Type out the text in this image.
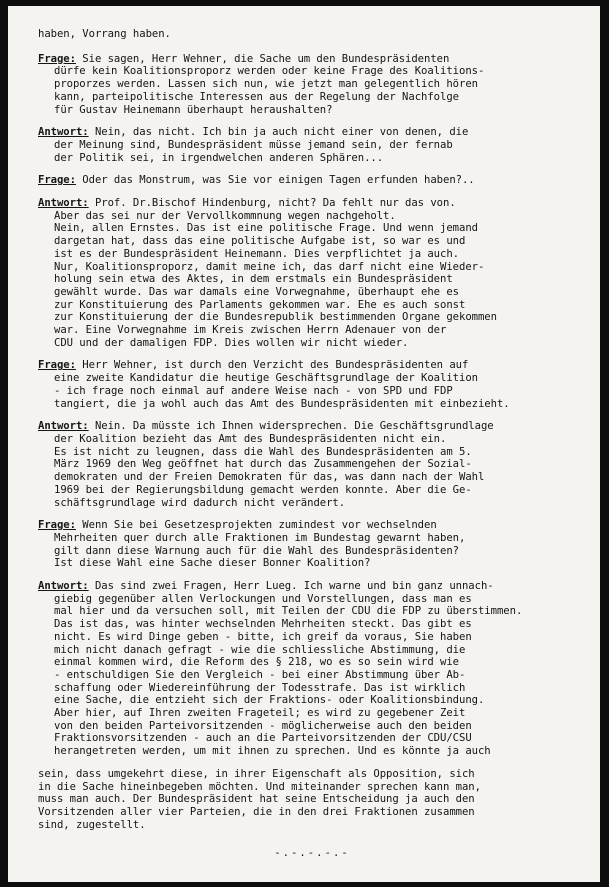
haben, Vorrang haben.
Frage: Sie sagen, Herr Wehner, die Sache um den Bundespräsidenten
dürfe kein Koalitionsproporz werden oder keine Frage des Koalitions-
proporzes werden. Lassen sich nun, wie jetzt man gelegentlich hören
kann, parteipolitische Interessen aus der Regelung der Nachfolge
für Gustav Heinemann überhaupt heraushalten?
Antwort: Nein, das nicht. Ich bin ja auch nicht einer von denen, die
der Meinung sind, Bundespräsident müsse jemand sein, der fernab
der Politik sei, in irgendwelchen anderen Sphären...
Frage: Oder das Monstrum, was Sie vor einigen Tagen erfunden haben?..
Antwort: Prof. Dr.Bischof Hindenburg, nicht? Da fehlt nur das von.
Aber das sei nur der Vervollkommnung wegen nachgeholt.
Nein, allen Ernstes. Das ist eine politische Frage. Und wenn jemand
dargetan hat, dass das eine politische Aufgabe ist, so war es und
ist es der Bundespräsident Heinemann. Dies verpflichtet ja auch.
Nur, Koalitionsproporz, damit meine ich, das darf nicht eine Wieder-
holung sein etwa des Aktes, in dem erstmals ein Bundespräsident
gewählt wurde. Das war damals eine Vorwegnahme, überhaupt ehe es
zur Konstituierung des Parlaments gekommen war. Ehe es auch sonst
zur Konstituierung der die Bundesrepublik bestimmenden Organe gekommen
war. Eine Vorwegnahme im Kreis zwischen Herrn Adenauer von der
CDU und der damaligen FDP. Dies wollen wir nicht wieder.
Frage: Herr Wehner, ist durch den Verzicht des Bundespräsidenten auf
eine zweite Kandidatur die heutige Geschäftsgrundlage der Koalition
- ich frage noch einmal auf andere Weise nach - von SPD und FDP
tangiert, die ja wohl auch das Amt des Bundespräsidenten mit einbezieht.
Antwort: Nein. Da müsste ich Ihnen widersprechen. Die Geschäftsgrundlage
der Koalition bezieht das Amt des Bundespräsidenten nicht ein.
Es ist nicht zu leugnen, dass die Wahl des Bundespräsidenten am 5.
März 1969 den Weg geöffnet hat durch das Zusammengehen der Sozial-
demokraten und der Freien Demokraten für das, was dann nach der Wahl
1969 bei der Regierungsbildung gemacht werden konnte. Aber die Ge-
schäftsgrundlage wird dadurch nicht verändert.
Frage: Wenn Sie bei Gesetzesprojekten zumindest vor wechselnden
Mehrheiten quer durch alle Fraktionen im Bundestag gewarnt haben,
gilt dann diese Warnung auch für die Wahl des Bundespräsidenten?
Ist diese Wahl eine Sache dieser Bonner Koalition?
Antwort: Das sind zwei Fragen, Herr Lueg. Ich warne und bin ganz unnach-
giebig gegenüber allen Verlockungen und Vorstellungen, dass man es
mal hier und da versuchen soll, mit Teilen der CDU die FDP zu überstimmen.
Das ist das, was hinter wechselnden Mehrheiten steckt. Das gibt es
nicht. Es wird Dinge geben - bitte, ich greif da voraus, Sie haben
mich nicht danach gefragt - wie die schliessliche Abstimmung, die
einmal kommen wird, die Reform des § 218, wo es so sein wird wie
- entschuldigen Sie den Vergleich - bei einer Abstimmung über Ab-
schaffung oder Wiedereinführung der Todesstrafe. Das ist wirklich
eine Sache, die entzieht sich der Fraktions- oder Koalitionsbindung.
Aber hier, auf Ihren zweiten Frageteil; es wird zu gegebener Zeit
von den beiden Parteivorsitzenden - möglicherweise auch den beiden
Fraktionsvorsitzenden - auch an die Parteivorsitzenden der CDU/CSU
herangetreten werden, um mit ihnen zu sprechen. Und es könnte ja auch
sein, dass umgekehrt diese, in ihrer Eigenschaft als Opposition, sich
in die Sache hineinbegeben möchten. Und miteinander sprechen kann man,
muss man auch. Der Bundespräsident hat seine Entscheidung ja auch den
Vorsitzenden aller vier Parteien, die in den drei Fraktionen zusammen
sind, zugestellt.
-.-.-.-.-
